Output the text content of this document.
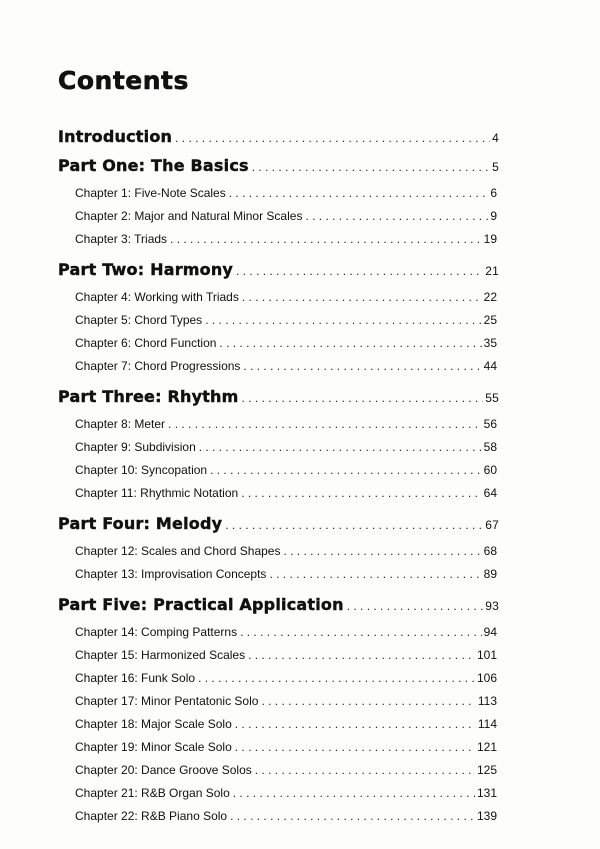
Contents
Introduction . . .	4
Part One: The Basics . . .	5
Chapter 1: Five-Note Scales . . .	6
Chapter 2: Major and Natural Minor Scales . . .	9
Chapter 3: Triads . . .	19
Part Two: Harmony . . .	21
Chapter 4: Working with Triads . . .	22
Chapter 5: Chord Types . . .	25
Chapter 6: Chord Function . . .	35
Chapter 7: Chord Progressions . . .	44
Part Three: Rhythm . . .	55
Chapter 8: Meter . . .	56
Chapter 9: Subdivision . . .	58
Chapter 10: Syncopation . . .	60
Chapter 11: Rhythmic Notation . . .	64
Part Four: Melody . . .	67
Chapter 12: Scales and Chord Shapes . . .	68
Chapter 13: Improvisation Concepts . . .	89
Part Five: Practical Application . . .	93
Chapter 14: Comping Patterns . . .	94
Chapter 15: Harmonized Scales . . .	101
Chapter 16: Funk Solo . . .	106
Chapter 17: Minor Pentatonic Solo . . .	113
Chapter 18: Major Scale Solo . . .	114
Chapter 19: Minor Scale Solo . . .	121
Chapter 20: Dance Groove Solos . . .	125
Chapter 21: R&B Organ Solo . . .	131
Chapter 22: R&B Piano Solo . . .	139
